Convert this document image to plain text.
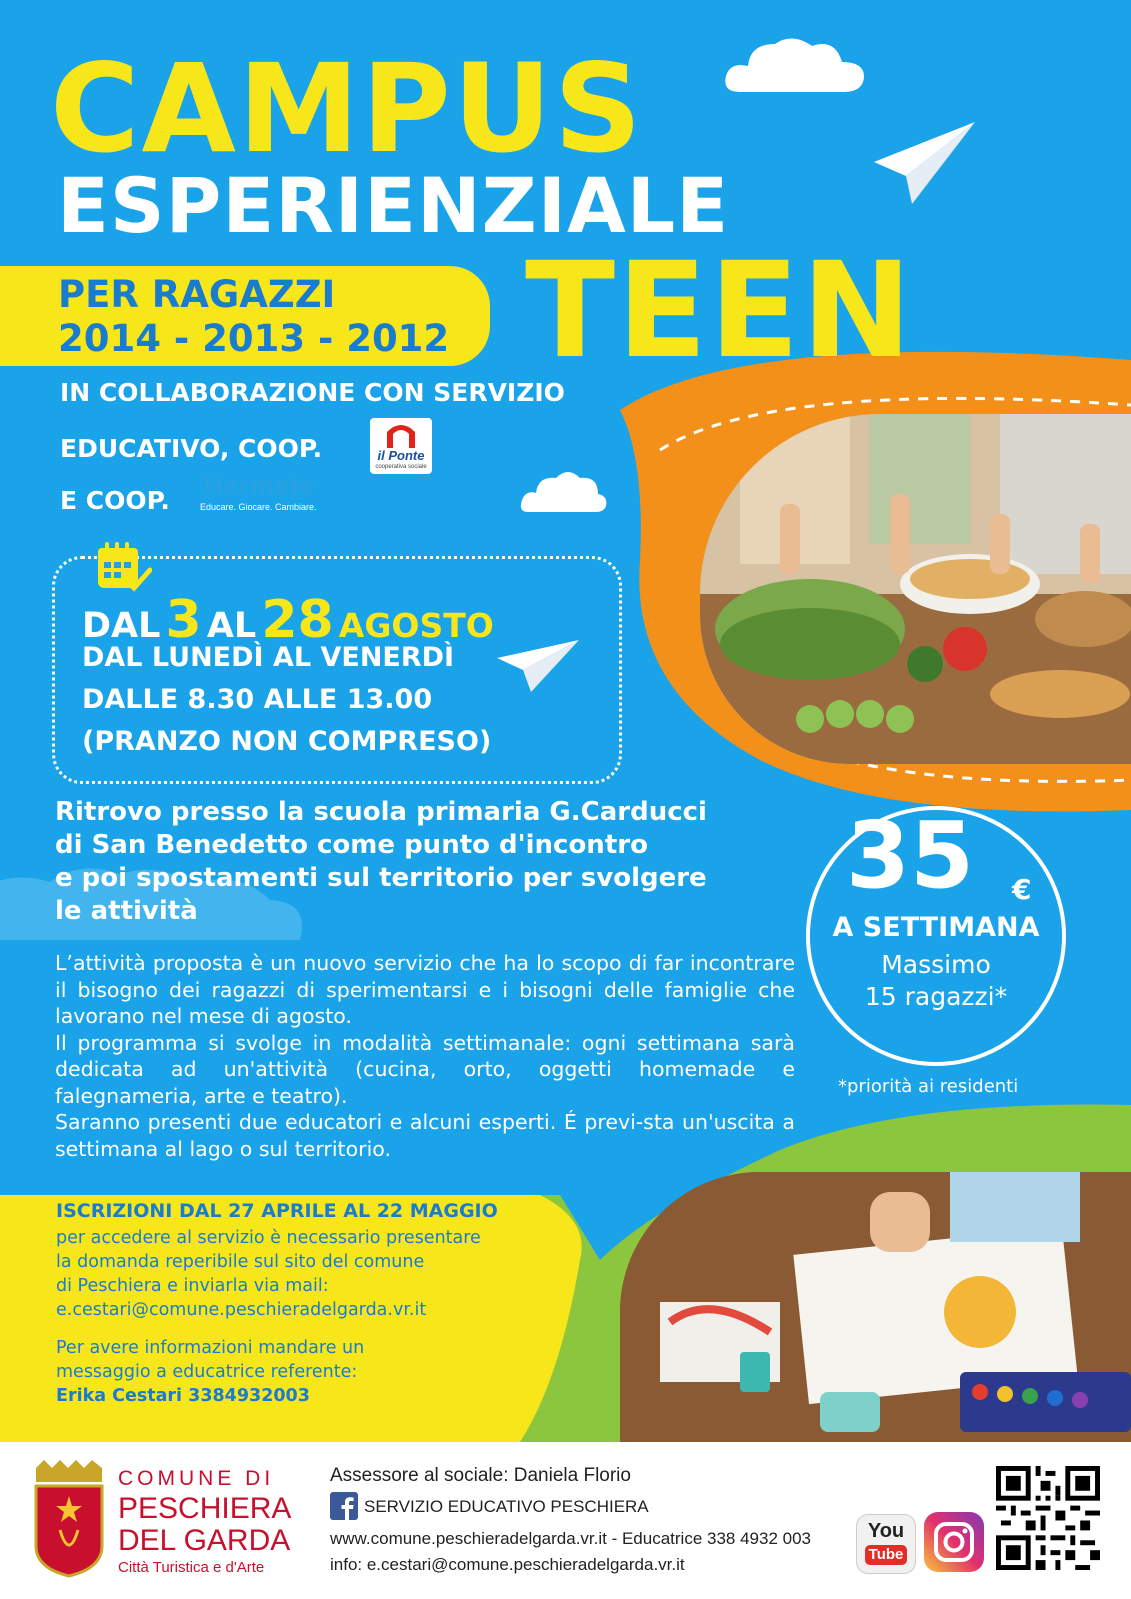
CAMPUS
ESPERIENZIALE
PER RAGAZZI
2014 - 2013 - 2012 TEEN
IN COLLABORAZIONE CON SERVIZIO
EDUCATIVO, COOP.
E COOP.
il Ponte
cooperativa sociale
Hermete
Educare. Giocare. Cambiare.
DAL 3 AL 28 AGOSTO
DAL LUNEDÌ AL VENERDÌ
DALLE 8.30 ALLE 13.00
(PRANZO NON COMPRESO)
Ritrovo presso la scuola primaria G.Carducci
di San Benedetto come punto d'incontro
e poi spostamenti sul territorio per svolgere
le attività
L’attività proposta è un nuovo servizio che ha lo scopo di far incontrare il bisogno dei ragazzi di sperimentarsi e i bisogni delle famiglie che lavorano nel mese di agosto.
Il programma si svolge in modalità settimanale: ogni settimana sarà dedicata ad un'attività (cucina, orto, oggetti homemade e falegnameria, arte e teatro).
Saranno presenti due educatori e alcuni esperti. É previ-sta un'uscita a settimana al lago o sul territorio.
35 €
A SETTIMANA
Massimo
15 ragazzi*
*priorità ai residenti
ISCRIZIONI DAL 27 APRILE AL 22 MAGGIO
per accedere al servizio è necessario presentare
la domanda reperibile sul sito del comune
di Peschiera e inviarla via mail:
e.cestari@comune.peschieradelgarda.vr.it
Per avere informazioni mandare un
messaggio a educatrice referente:
Erika Cestari 3384932003
COMUNE DI
PESCHIERA
DEL GARDA
Città Turistica e d'Arte
Assessore al sociale: Daniela Florio
SERVIZIO EDUCATIVO PESCHIERA
www.comune.peschieradelgarda.vr.it - Educatrice 338 4932 003
info: e.cestari@comune.peschieradelgarda.vr.it
You
Tube
